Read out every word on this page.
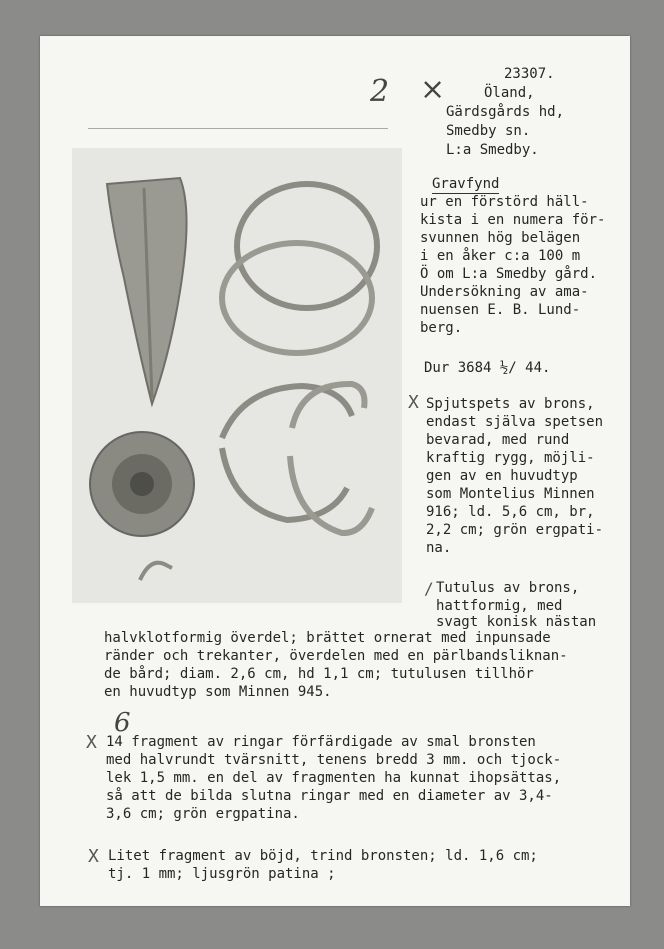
2 ×
6
23307.
Öland,
Gärdsgårds hd,
Smedby sn.
L:a Smedby.
Gravfynd
ur en förstörd häll-
kista i en numera för-
svunnen hög belägen
i en åker c:a 100 m
Ö om L:a Smedby gård.
Undersökning av ama-
nuensen E. B. Lund-
berg.
Dur 3684 ½/ 44.
X Spjutspets av brons,
endast själva spetsen
bevarad, med rund
kraftig rygg, möjli-
gen av en huvudtyp
som Montelius Minnen
916; ld. 5,6 cm, br,
2,2 cm; grön ergpati-
na.
/ Tutulus av brons,
hattformig, med
svagt konisk nästan
halvklotformig överdel; brättet ornerat med inpunsade
ränder och trekanter, överdelen med en pärlbandsliknan-
de bård; diam. 2,6 cm, hd 1,1 cm; tutulusen tillhör
en huvudtyp som Minnen 945.
X 14 fragment av ringar förfärdigade av smal bronsten
med halvrundt tvärsnitt, tenens bredd 3 mm. och tjock-
lek 1,5 mm. en del av fragmenten ha kunnat ihopsättas,
så att de bilda slutna ringar med en diameter av 3,4-
3,6 cm; grön ergpatina.
X Litet fragment av böjd, trind bronsten; ld. 1,6 cm;
tj. 1 mm; ljusgrön patina ;
